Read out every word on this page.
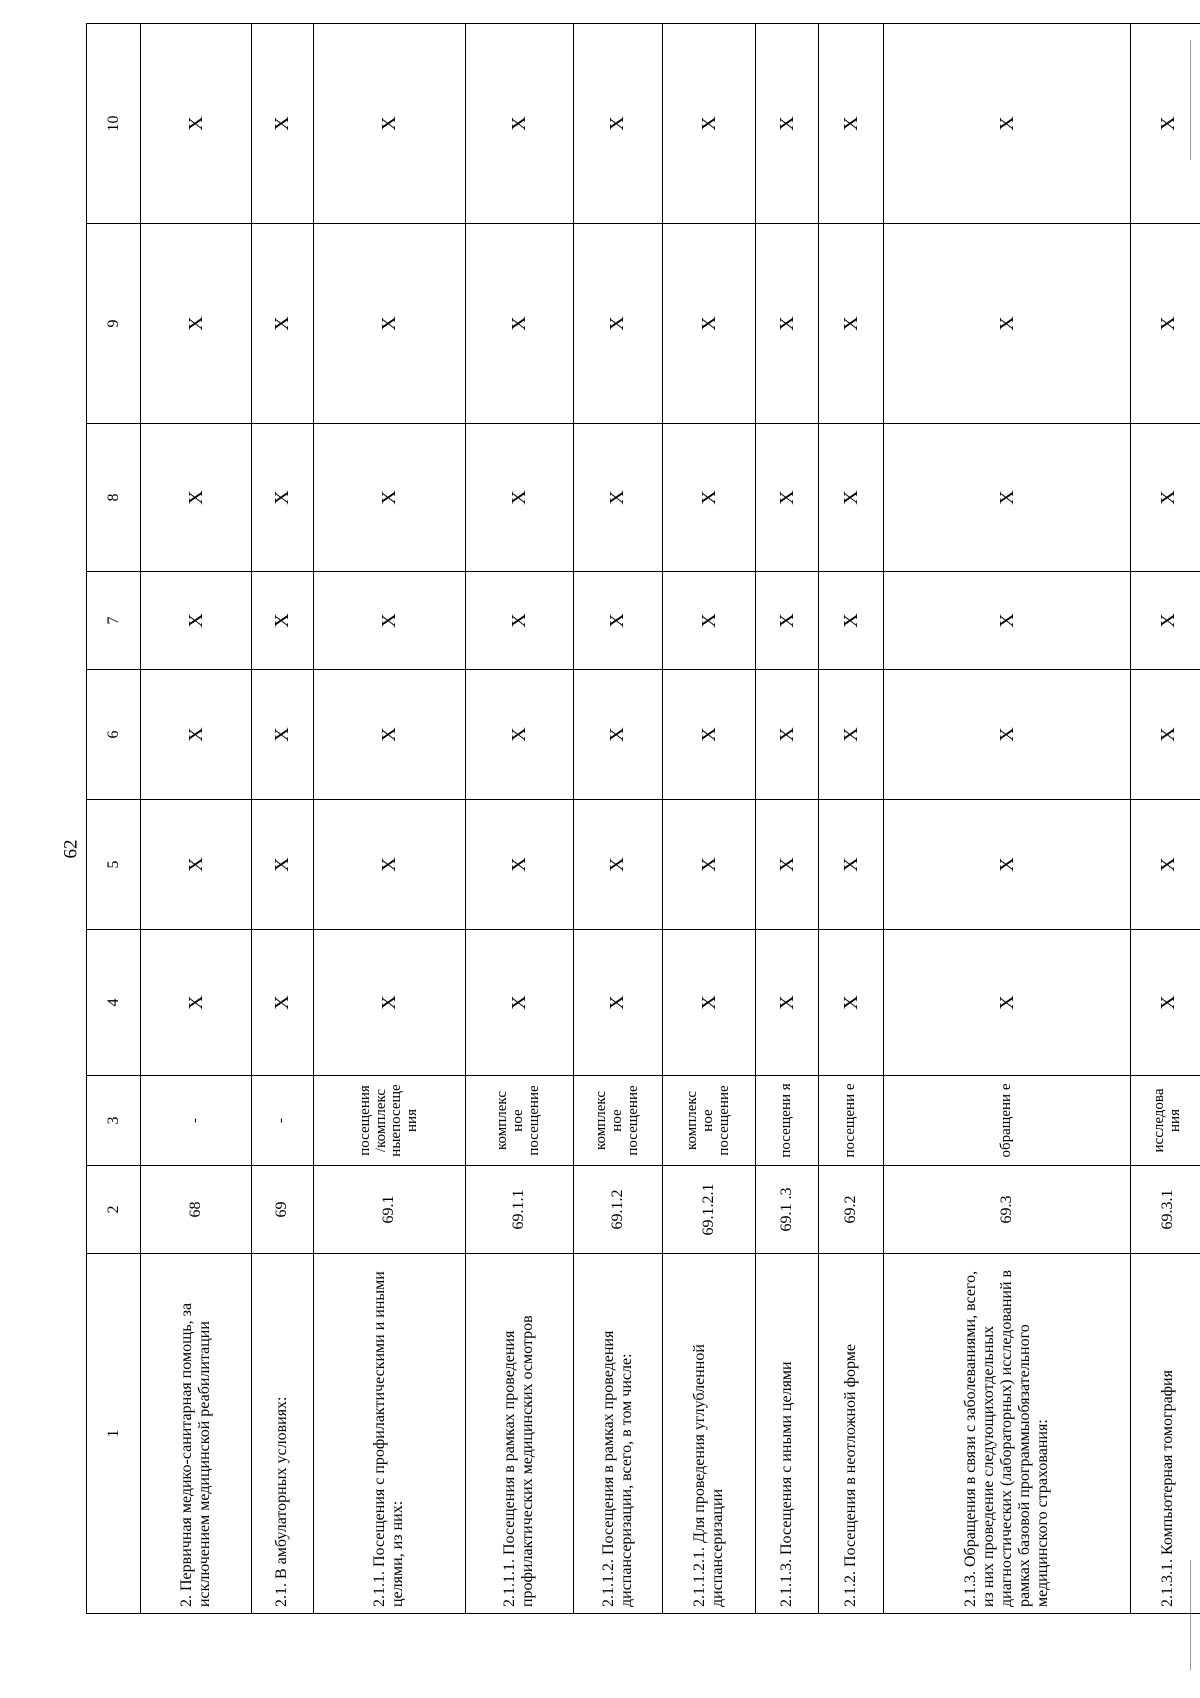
62
1	2	3	4	5	6	7	8	9	10
2. Первичная медико-санитарная помощь, за исключением медицинской реабилитации	68	-	X	X	X	X	X	X	X
2.1. В амбулаторных условиях:	69	-	X	X	X	X	X	X	X
2.1.1. Посещения с профилактическими и иными целями, из них:	69.1	посещения /комплекс ныепосеще ния	X	X	X	X	X	X	X
2.1.1.1. Посещения в рамках проведения профилактических медицинских осмотров	69.1.1	комплекс ное посещение	X	X	X	X	X	X	X
2.1.1.2. Посещения в рамках проведения диспансеризации, всего, в том числе:	69.1.2	комплекс ное посещение	X	X	X	X	X	X	X
2.1.1.2.1. Для проведения углубленной диспансеризации	69.1.2.1	комплекс ное посещение	X	X	X	X	X	X	X
2.1.1.3. Посещения с иными целями	69.1 .3	посещени я	X	X	X	X	X	X	X
2.1.2. Посещения в неотложной форме	69.2	посещени е	X	X	X	X	X	X	X
2.1.3. Обращения в связи с заболеваниями, всего, из них проведение следующихотдельных диагностических (лабораторных) исследований в рамках базовой программыобязательного медицинского страхования:	69.3	обращени е	X	X	X	X	X	X	X
2.1.3.1. Компьютерная томография	69.3.1	исследова ния	X	X	X	X	X	X	X
